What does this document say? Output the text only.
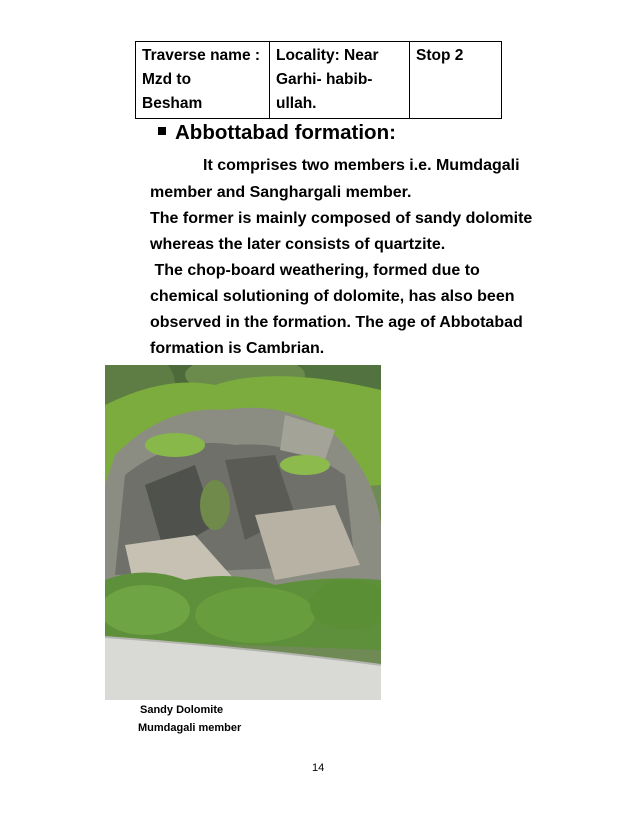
Traverse name :
Mzd to
Besham

Locality: Near
Garhi- habib-
ullah.

Stop 2
Abbottabad formation:
It comprises two members i.e. Mumdagali
member and Sanghargali member.
The former is mainly composed of sandy dolomite
whereas the later consists of quartzite.
The chop-board weathering, formed due to
chemical solutioning of dolomite, has also been
observed in the formation. The age of Abbotabad
formation is Cambrian.
Sandy Dolomite
Mumdagali member
14
